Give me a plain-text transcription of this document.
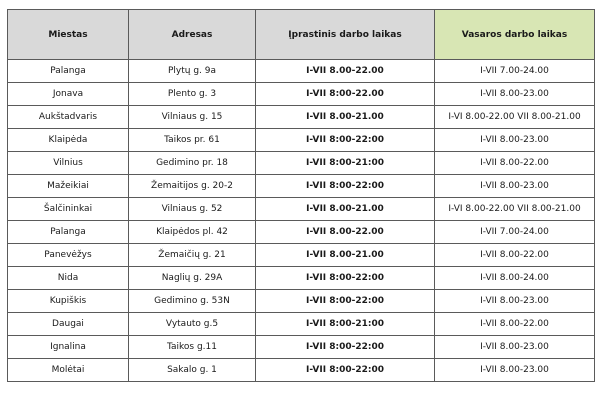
Miestas	Adresas	Įprastinis darbo laikas	Vasaros darbo laikas
Palanga	Plytų g. 9a	I-VII 8.00-22.00	I-VII 7.00-24.00
Jonava	Plento g. 3	I-VII 8:00-22.00	I-VII 8.00-23.00
Aukštadvaris	Vilniaus g. 15	I-VII 8.00-21.00	I-VI 8.00-22.00 VII 8.00-21.00
Klaipėda	Taikos pr. 61	I-VII 8:00-22:00	I-VII 8.00-23.00
Vilnius	Gedimino pr. 18	I-VII 8:00-21:00	I-VII 8.00-22.00
Mažeikiai	Žemaitijos g. 20-2	I-VII 8:00-22:00	I-VII 8.00-23.00
Šalčininkai	Vilniaus g. 52	I-VII 8.00-21.00	I-VI 8.00-22.00 VII 8.00-21.00
Palanga	Klaipėdos pl. 42	I-VII 8.00-22.00	I-VII 7.00-24.00
Panevėžys	Žemaičių g. 21	I-VII 8.00-21.00	I-VII 8.00-22.00
Nida	Naglių g. 29A	I-VII 8:00-22:00	I-VII 8.00-24.00
Kupiškis	Gedimino g. 53N	I-VII 8:00-22:00	I-VII 8.00-23.00
Daugai	Vytauto g.5	I-VII 8:00-21:00	I-VII 8.00-22.00
Ignalina	Taikos g.11	I-VII 8:00-22:00	I-VII 8.00-23.00
Molėtai	Sakalo g. 1	I-VII 8:00-22:00	I-VII 8.00-23.00
